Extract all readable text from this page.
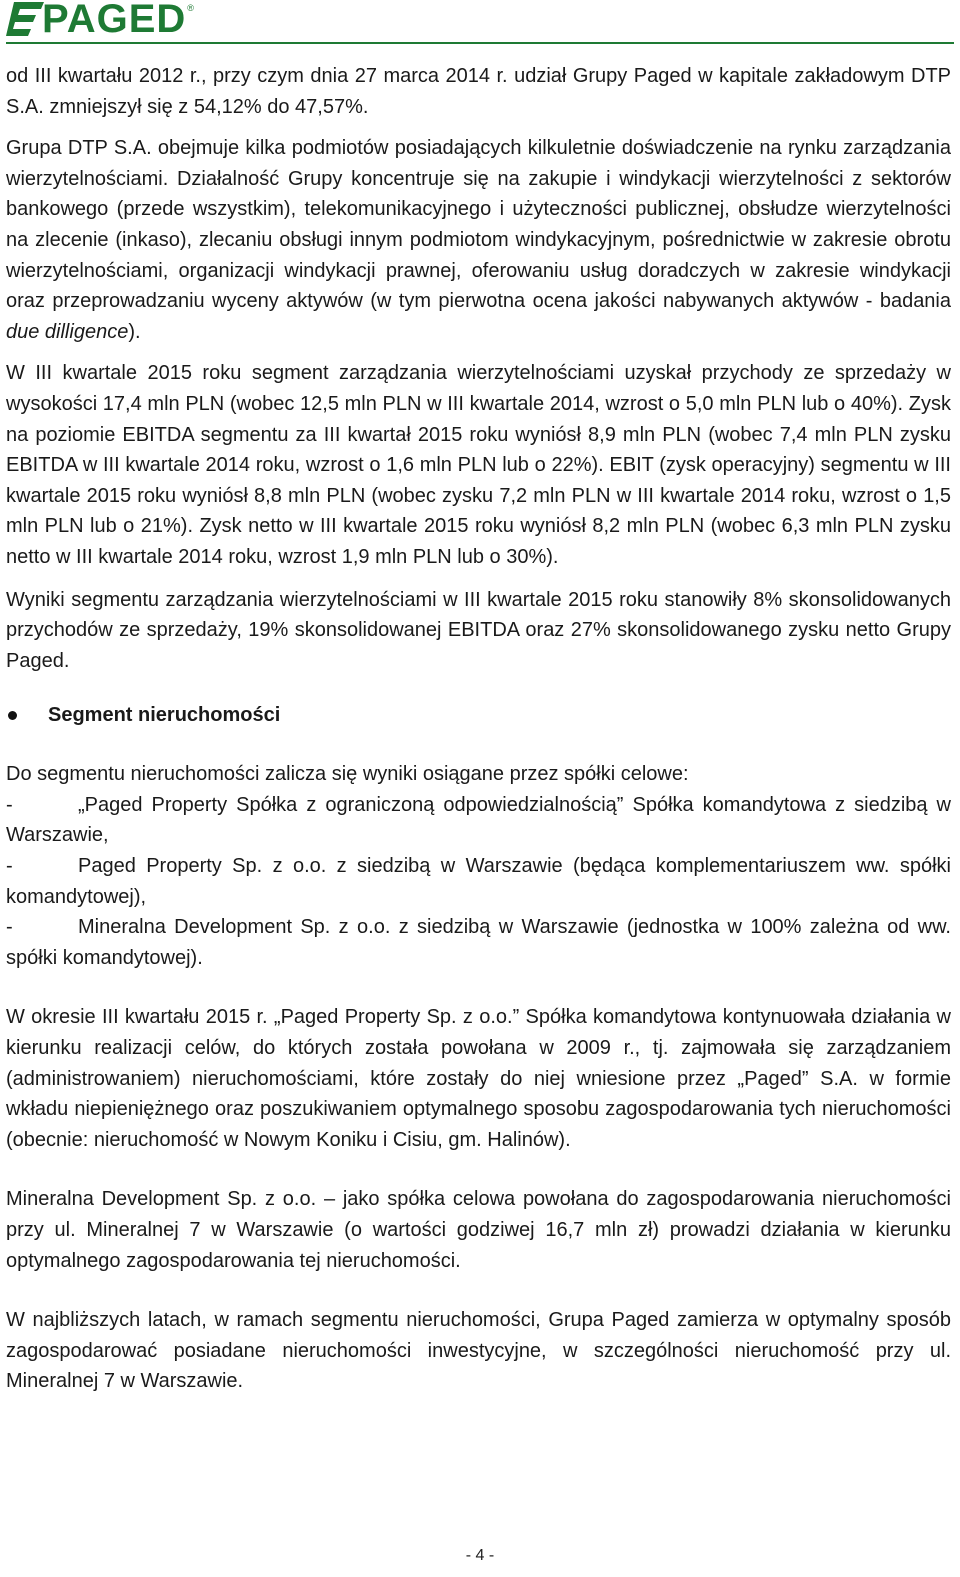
PAGED ®

od III kwartału 2012 r., przy czym dnia 27 marca 2014 r. udział Grupy Paged w kapitale zakładowym DTP S.A. zmniejszył się z 54,12% do 47,57%.

Grupa DTP S.A. obejmuje kilka podmiotów posiadających kilkuletnie doświadczenie na rynku zarządzania wierzytelnościami. Działalność Grupy koncentruje się na zakupie i windykacji wierzytelności z sektorów bankowego (przede wszystkim), telekomunikacyjnego i użyteczności publicznej, obsłudze wierzytelności na zlecenie (inkaso), zlecaniu obsługi innym podmiotom windykacyjnym, pośrednictwie w zakresie obrotu wierzytelnościami, organizacji windykacji prawnej, oferowaniu usług doradczych w zakresie windykacji oraz przeprowadzaniu wyceny aktywów (w tym pierwotna ocena jakości nabywanych aktywów - badania due dilligence).

W III kwartale 2015 roku segment zarządzania wierzytelnościami uzyskał przychody ze sprzedaży w wysokości 17,4 mln PLN (wobec 12,5 mln PLN w III kwartale 2014, wzrost o 5,0 mln PLN lub o 40%). Zysk na poziomie EBITDA segmentu za III kwartał 2015 roku wyniósł 8,9 mln PLN (wobec 7,4 mln PLN zysku EBITDA w III kwartale 2014 roku, wzrost o 1,6 mln PLN lub o 22%). EBIT (zysk operacyjny) segmentu w III kwartale 2015 roku wyniósł 8,8 mln PLN (wobec zysku 7,2 mln PLN w III kwartale 2014 roku, wzrost o 1,5 mln PLN lub o 21%). Zysk netto w III kwartale 2015 roku wyniósł 8,2 mln PLN (wobec 6,3 mln PLN zysku netto w III kwartale 2014 roku, wzrost 1,9 mln PLN lub o 30%).

Wyniki segmentu zarządzania wierzytelnościami w III kwartale 2015 roku stanowiły 8% skonsolidowanych przychodów ze sprzedaży, 19% skonsolidowanej EBITDA oraz 27% skonsolidowanego zysku netto Grupy Paged.

Segment nieruchomości

Do segmentu nieruchomości zalicza się wyniki osiągane przez spółki celowe:

-	„Paged Property Spółka z ograniczoną odpowiedzialnością” Spółka komandytowa z siedzibą w Warszawie,

-	Paged Property Sp. z o.o. z siedzibą w Warszawie (będąca komplementariuszem ww. spółki komandytowej),

-	Mineralna Development Sp. z o.o. z siedzibą w Warszawie (jednostka w 100% zależna od ww. spółki komandytowej).

W okresie III kwartału 2015 r. „Paged Property Sp. z o.o.” Spółka komandytowa kontynuowała działania w kierunku realizacji celów, do których została powołana w 2009 r., tj. zajmowała się zarządzaniem (administrowaniem) nieruchomościami, które zostały do niej wniesione przez „Paged” S.A. w formie wkładu niepieniężnego oraz poszukiwaniem optymalnego sposobu zagospodarowania tych nieruchomości (obecnie: nieruchomość w Nowym Koniku i Cisiu, gm. Halinów).

Mineralna Development Sp. z o.o. – jako spółka celowa powołana do zagospodarowania nieruchomości przy ul. Mineralnej 7 w Warszawie (o wartości godziwej 16,7 mln zł) prowadzi działania w kierunku optymalnego zagospodarowania tej nieruchomości.

W najbliższych latach, w ramach segmentu nieruchomości, Grupa Paged zamierza w optymalny sposób zagospodarować posiadane nieruchomości inwestycyjne, w szczególności nieruchomość przy ul. Mineralnej 7 w Warszawie.

- 4 -
